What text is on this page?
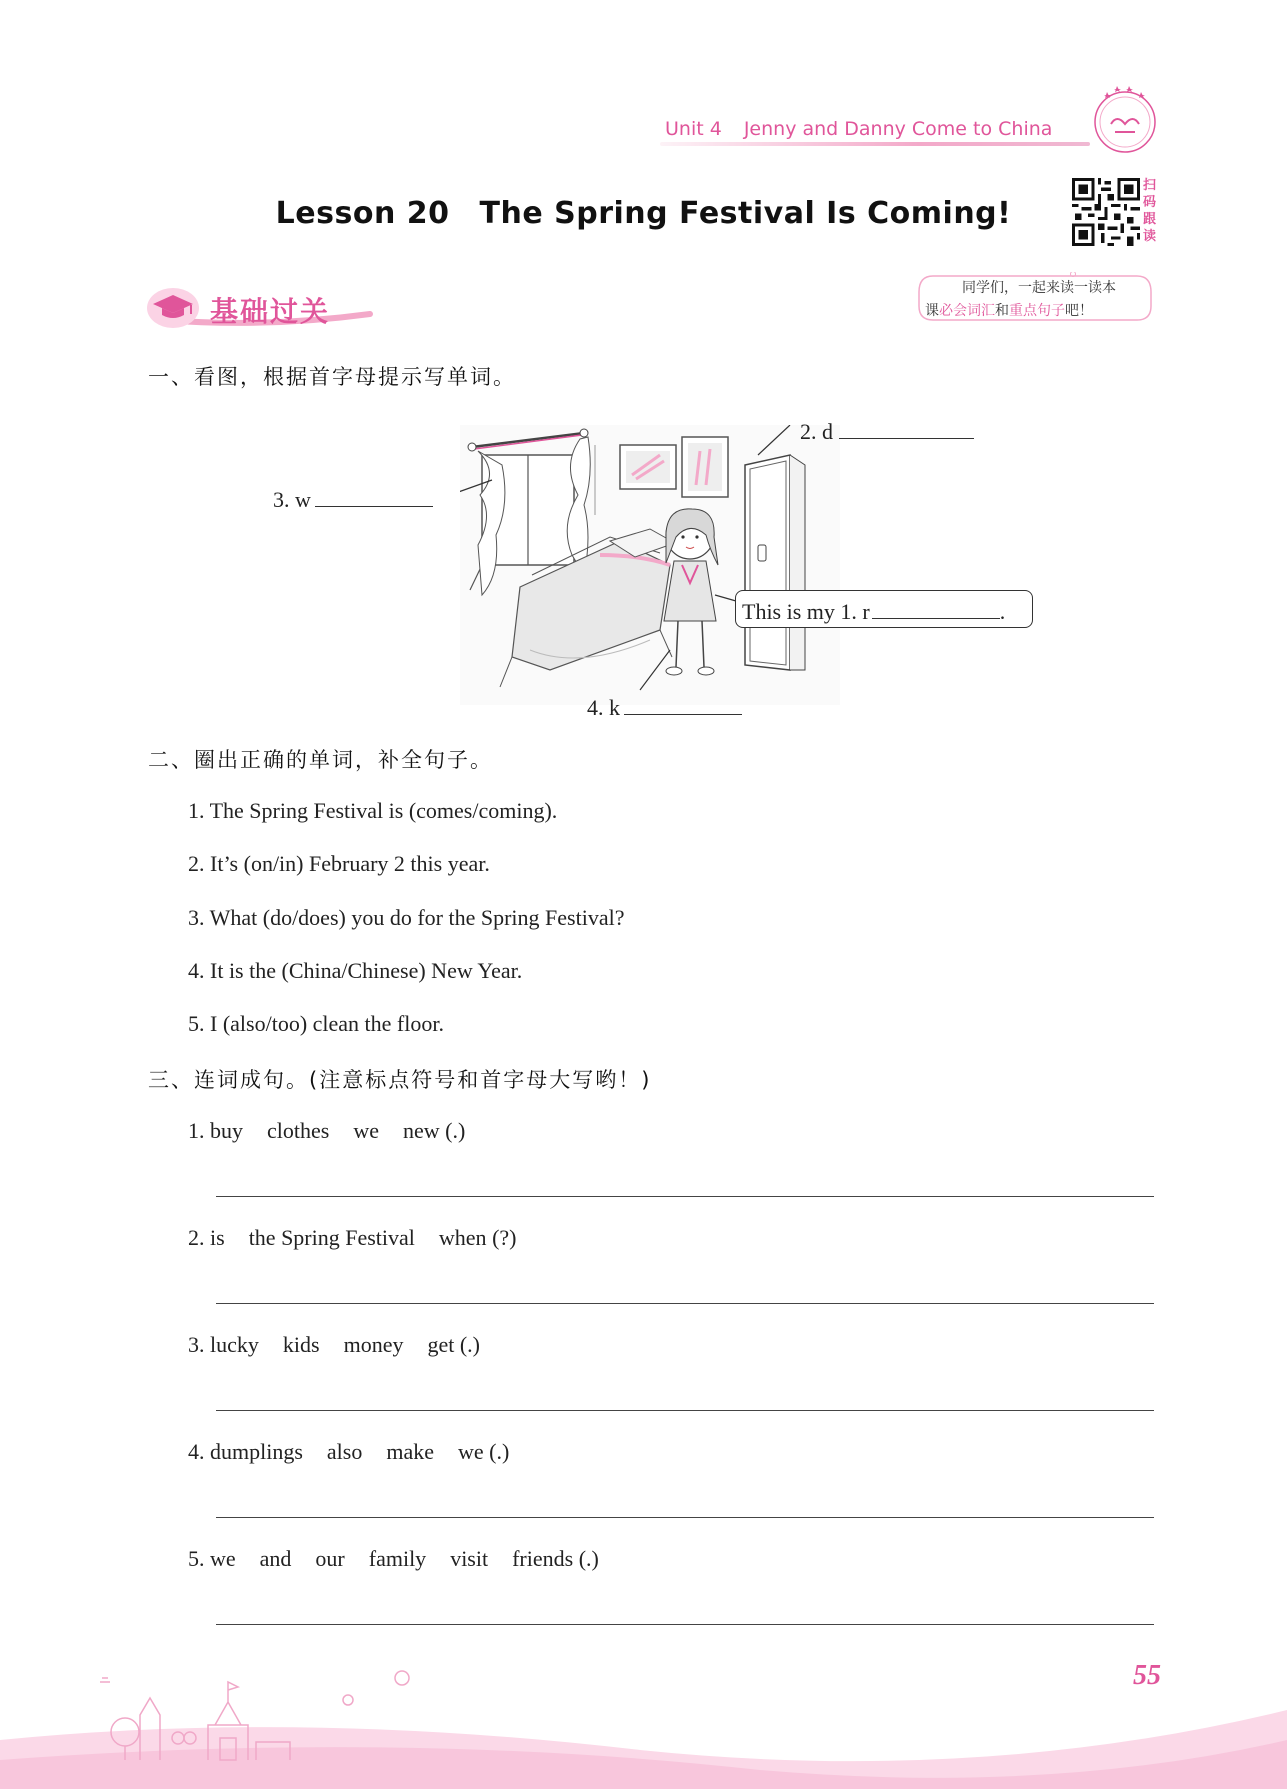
Unit 4 Jenny and Danny Come to China
Lesson 20 The Spring Festival Is Coming!
扫
码
跟
读
同学们，一起来读一读本
课必会词汇和重点句子吧！
基础过关
一、看图，根据首字母提示写单词。
2. d
3. w
4. k
This is my 1. r	.
二、圈出正确的单词，补全句子。
1. The Spring Festival is (comes/coming).
2. It’s (on/in) February 2 this year.
3. What (do/does) you do for the Spring Festival?
4. It is the (China/Chinese) New Year.
5. I (also/too) clean the floor.
三、连词成句。(注意标点符号和首字母大写哟！)
1. buy clothes we new (.)
2. is the Spring Festival when (?)
3. lucky kids money get (.)
4. dumplings also make we (.)
5. we and our family visit friends (.)
55
